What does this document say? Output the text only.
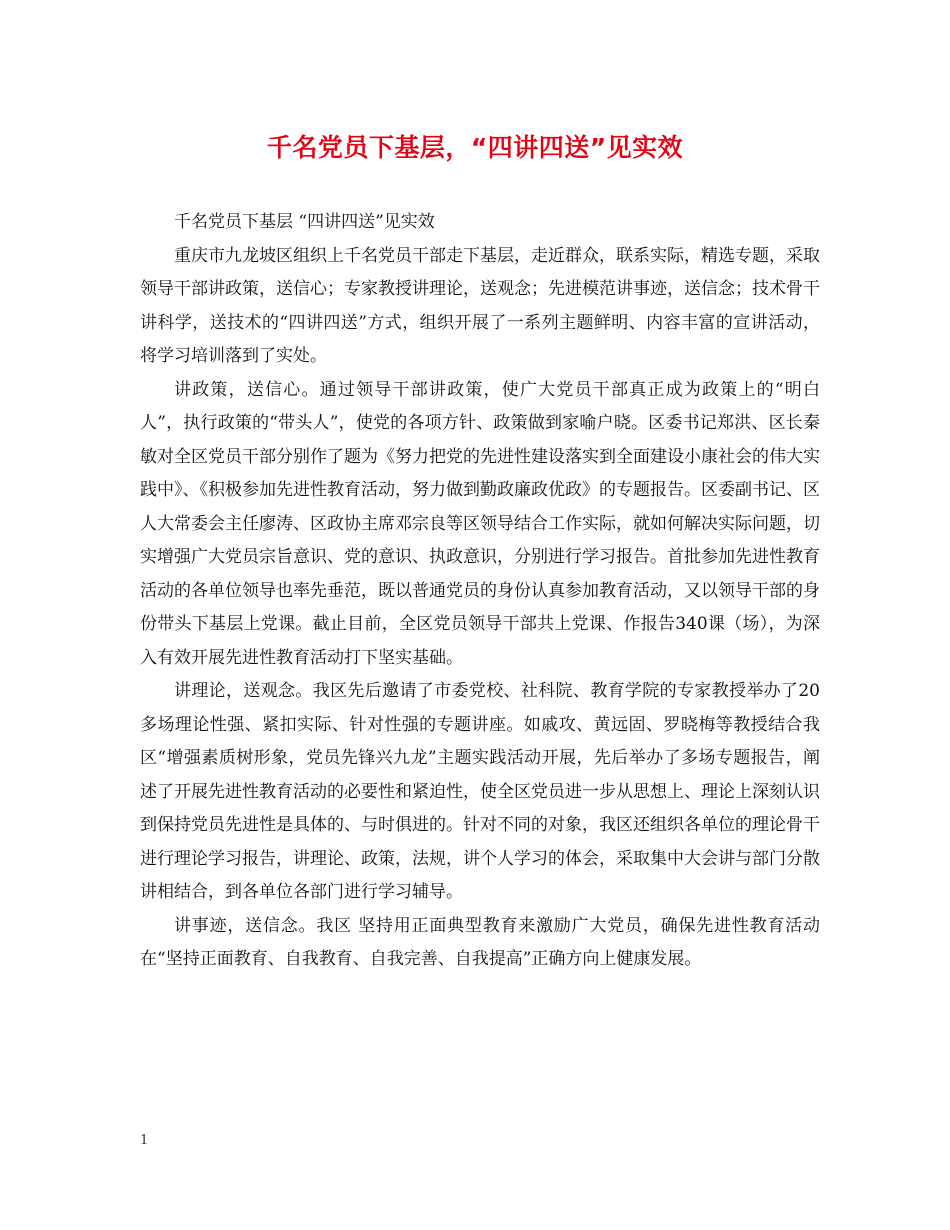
千名党员下基层，“四讲四送”见实效

千名党员下基层 “四讲四送”见实效

重庆市九龙坡区组织上千名党员干部走下基层，走近群众，联系实际，精选专题，采取领导干部讲政策，送信心；专家教授讲理论，送观念；先进模范讲事迹，送信念；技术骨干讲科学，送技术的“四讲四送”方式，组织开展了一系列主题鲜明、内容丰富的宣讲活动，将学习培训落到了实处。

讲政策，送信心。通过领导干部讲政策，使广大党员干部真正成为政策上的“明白人”，执行政策的“带头人”，使党的各项方针、政策做到家喻户晓。区委书记郑洪、区长秦敏对全区党员干部分别作了题为《努力把党的先进性建设落实到全面建设小康社会的伟大实践中》、《积极参加先进性教育活动，努力做到勤政廉政优政》的专题报告。区委副书记、区人大常委会主任廖涛、区政协主席邓宗良等区领导结合工作实际，就如何解决实际问题，切实增强广大党员宗旨意识、党的意识、执政意识，分别进行学习报告。首批参加先进性教育活动的各单位领导也率先垂范，既以普通党员的身份认真参加教育活动，又以领导干部的身份带头下基层上党课。截止目前，全区党员领导干部共上党课、作报告340课（场），为深入有效开展先进性教育活动打下坚实基础。

讲理论，送观念。我区先后邀请了市委党校、社科院、教育学院的专家教授举办了20多场理论性强、紧扣实际、针对性强的专题讲座。如戚攻、黄远固、罗晓梅等教授结合我区“增强素质树形象，党员先锋兴九龙”主题实践活动开展，先后举办了多场专题报告，阐述了开展先进性教育活动的必要性和紧迫性，使全区党员进一步从思想上、理论上深刻认识到保持党员先进性是具体的、与时俱进的。针对不同的对象，我区还组织各单位的理论骨干进行理论学习报告，讲理论、政策，法规，讲个人学习的体会，采取集中大会讲与部门分散讲相结合，到各单位各部门进行学习辅导。

讲事迹，送信念。我区 坚持用正面典型教育来激励广大党员，确保先进性教育活动在“坚持正面教育、自我教育、自我完善、自我提高”正确方向上健康发展。

1
